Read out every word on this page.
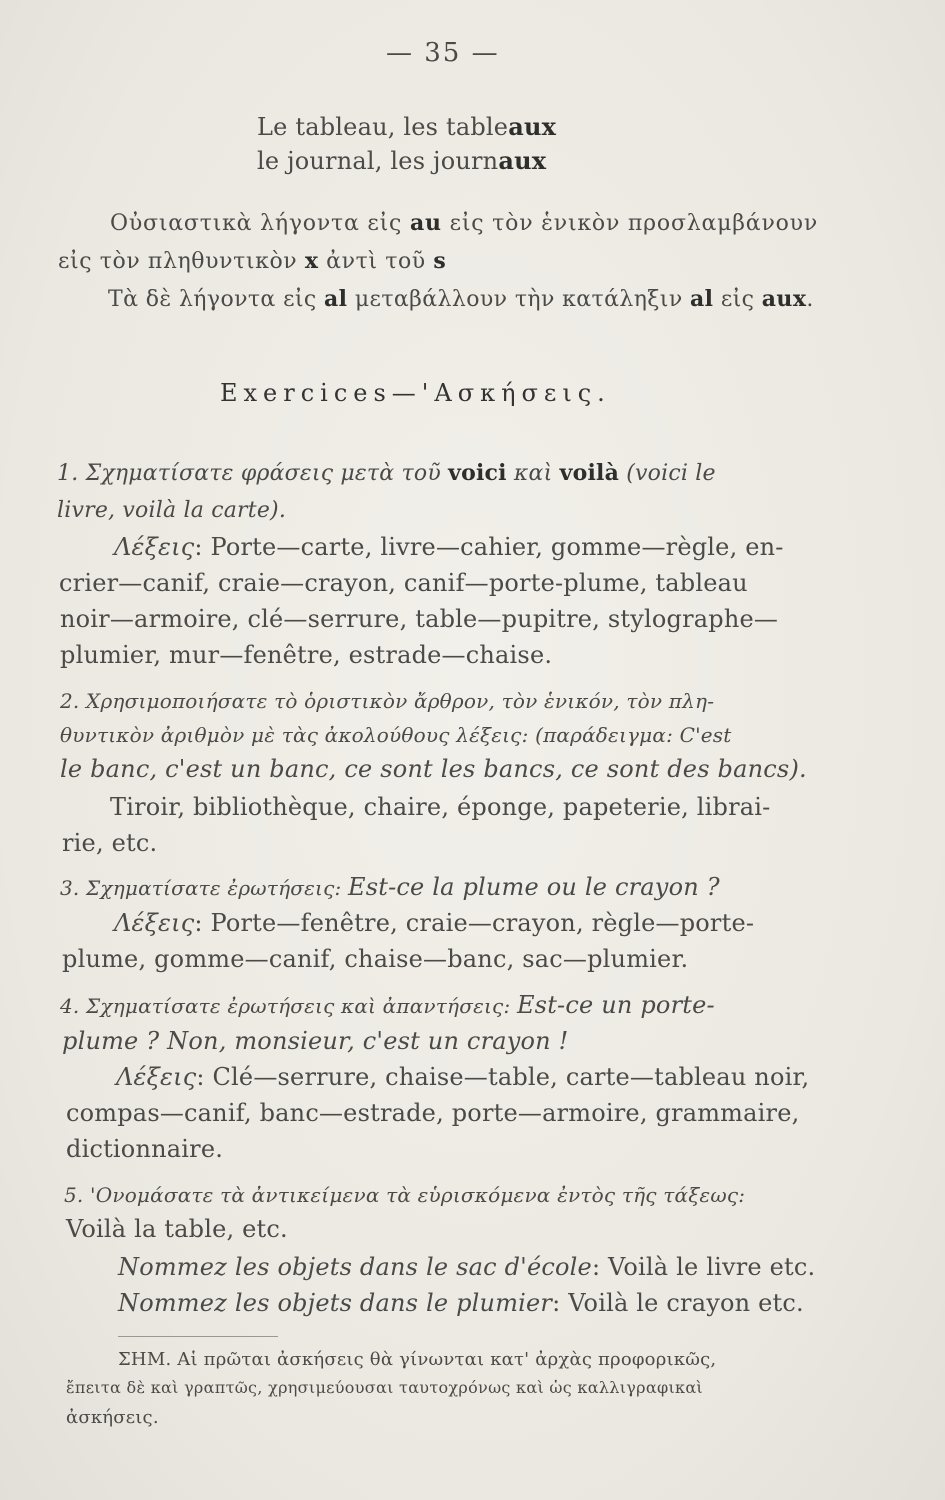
— 35 —
Le tableau, les tableaux
le journal, les journaux
Οὐσιαστικὰ λήγοντα εἰς au εἰς τὸν ἑνικὸν προσλαμβάνουν
εἰς τὸν πληθυντικὸν x ἀντὶ τοῦ s
Τὰ δὲ λήγοντα εἰς al μεταβάλλουν τὴν κατάληξιν al εἰς aux.
Exercices—'Ασκήσεις.
1. Σχηματίσατε φράσεις μετὰ τοῦ voici καὶ voilà (voici le
livre, voilà la carte).
Λέξεις: Porte—carte, livre—cahier, gomme—règle, en-
crier—canif, craie—crayon, canif—porte-plume, tableau
noir—armoire, clé—serrure, table—pupitre, stylographe—
plumier, mur—fenêtre, estrade—chaise.
2. Χρησιμοποιήσατε τὸ ὁριστικὸν ἄρθρον, τὸν ἑνικόν, τὸν πλη-
θυντικὸν ἀριθμὸν μὲ τὰς ἀκολούθους λέξεις: (παράδειγμα: C'est
le banc, c'est un banc, ce sont les bancs, ce sont des bancs).
Tiroir, bibliothèque, chaire, éponge, papeterie, librai-
rie, etc.
3. Σχηματίσατε ἐρωτήσεις: Est-ce la plume ou le crayon ?
Λέξεις: Porte—fenêtre, craie—crayon, règle—porte-
plume, gomme—canif, chaise—banc, sac—plumier.
4. Σχηματίσατε ἐρωτήσεις καὶ ἀπαντήσεις: Est-ce un porte-
plume ? Non, monsieur, c'est un crayon !
Λέξεις: Clé—serrure, chaise—table, carte—tableau noir,
compas—canif, banc—estrade, porte—armoire, grammaire,
dictionnaire.
5. 'Ονομάσατε τὰ ἀντικείμενα τὰ εὑρισκόμενα ἐντὸς τῆς τάξεως:
Voilà la table, etc.
Nommez les objets dans le sac d'école: Voilà le livre etc.
Nommez les objets dans le plumier: Voilà le crayon etc.
ΣΗΜ. Αἱ πρῶται ἀσκήσεις θὰ γίνωνται κατ' ἀρχὰς προφορικῶς,
ἔπειτα δὲ καὶ γραπτῶς, χρησιμεύουσαι ταυτοχρόνως καὶ ὡς καλλιγραφικαὶ
ἀσκήσεις.
